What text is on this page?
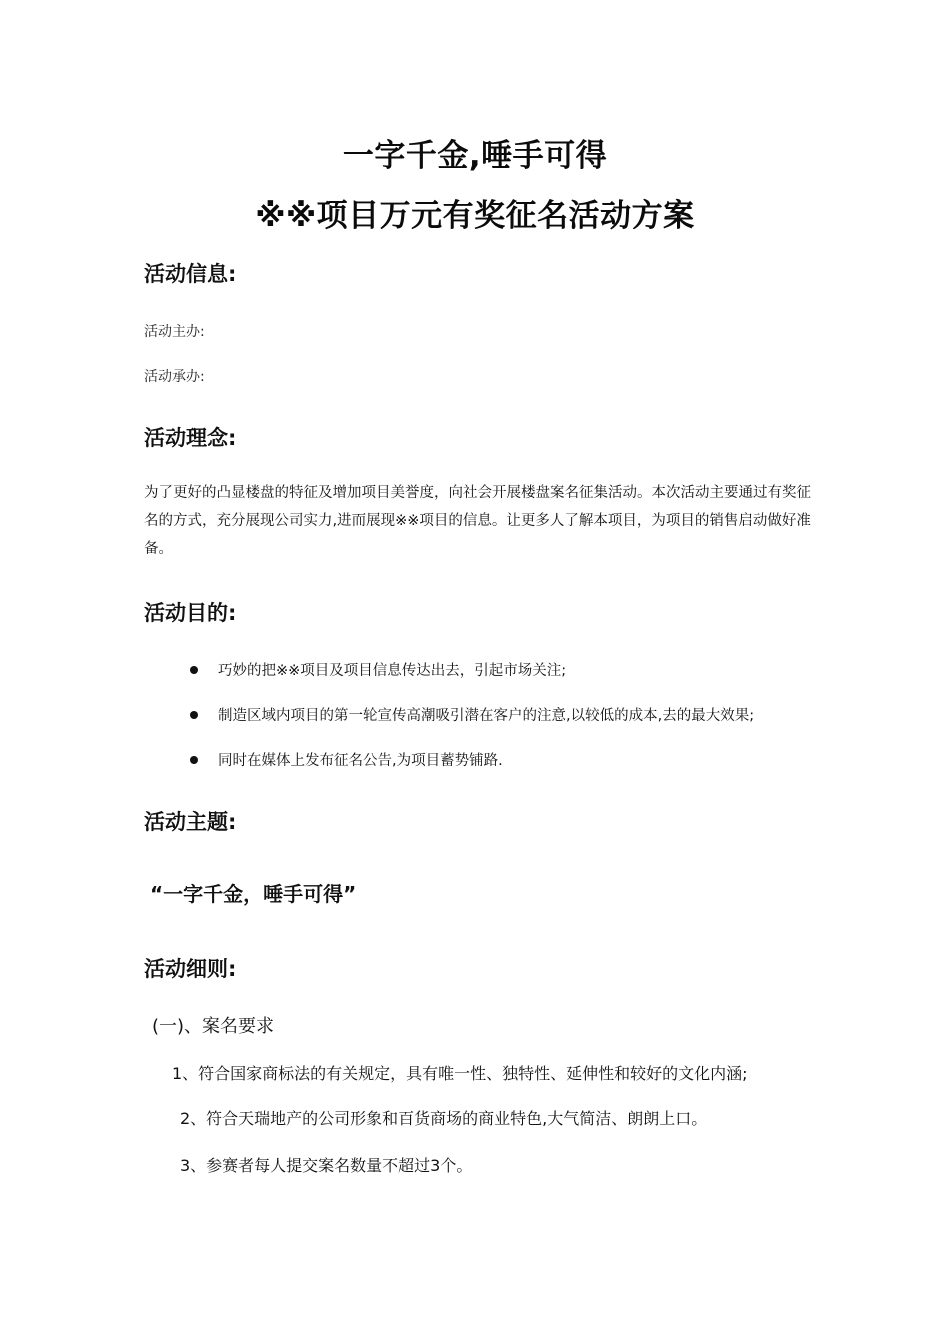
一字千金,唾手可得
※※项目万元有奖征名活动方案
活动信息:
活动主办:
活动承办:
活动理念:
为了更好的凸显楼盘的特征及增加项目美誉度，向社会开展楼盘案名征集活动。本次活动主要通过有奖征名的方式，充分展现公司实力,进而展现※※项目的信息。让更多人了解本项目，为项目的销售启动做好准备。
活动目的:
巧妙的把※※项目及项目信息传达出去，引起市场关注;
制造区域内项目的第一轮宣传高潮吸引潜在客户的注意,以较低的成本,去的最大效果;
同时在媒体上发布征名公告,为项目蓄势铺路.
活动主题:
“一字千金，唾手可得”
活动细则:
(一)、案名要求
1、符合国家商标法的有关规定，具有唯一性、独特性、延伸性和较好的文化内涵;
2、符合天瑞地产的公司形象和百货商场的商业特色,大气简洁、朗朗上口。
3、参赛者每人提交案名数量不超过3个。
